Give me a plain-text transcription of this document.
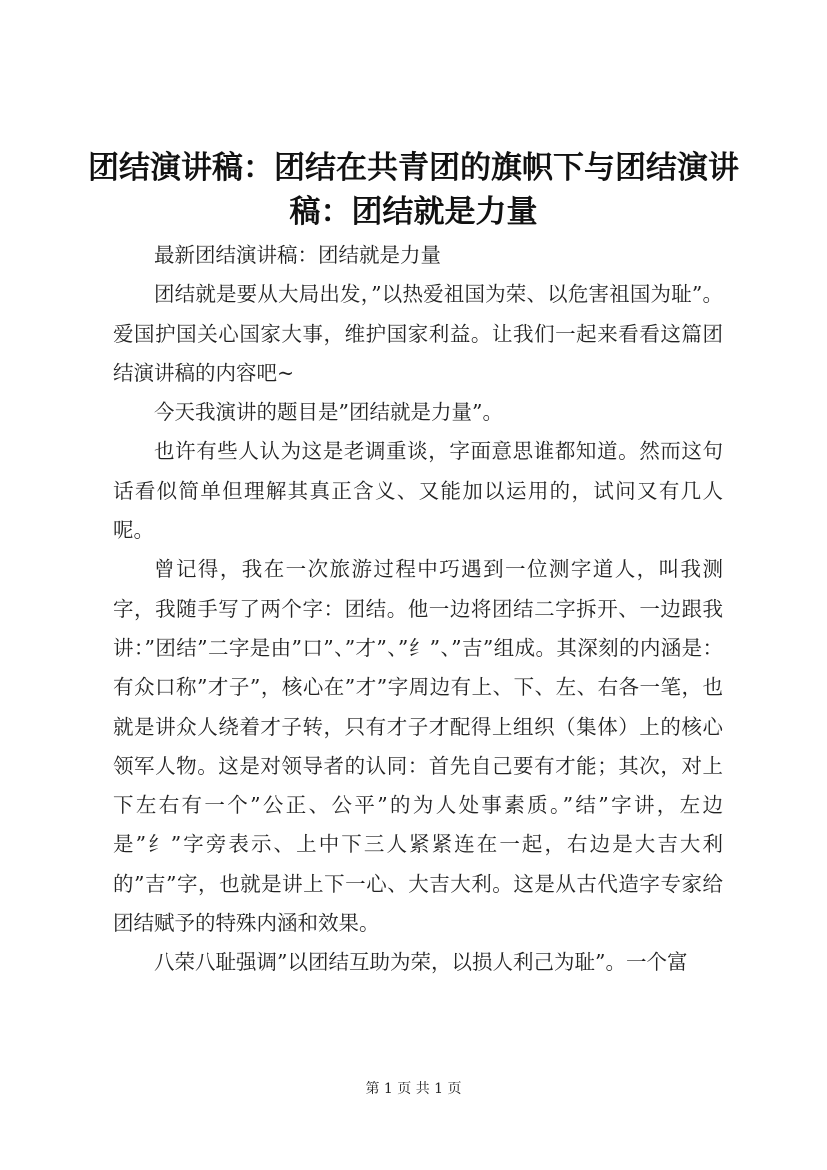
团结演讲稿：团结在共青团的旗帜下与团结演讲稿：团结就是力量

最新团结演讲稿：团结就是力量

团结就是要从大局出发，”以热爱祖国为荣、以危害祖国为耻”。爱国护国关心国家大事，维护国家利益。让我们一起来看看这篇团结演讲稿的内容吧~

今天我演讲的题目是”团结就是力量”。

也许有些人认为这是老调重谈，字面意思谁都知道。然而这句话看似简单但理解其真正含义、又能加以运用的，试问又有几人呢。

曾记得，我在一次旅游过程中巧遇到一位测字道人，叫我测字，我随手写了两个字：团结。他一边将团结二字拆开、一边跟我讲：”团结”二字是由”口”、”才”、”纟”、”吉”组成。其深刻的内涵是：有众口称”才子”，核心在”才”字周边有上、下、左、右各一笔，也就是讲众人绕着才子转，只有才子才配得上组织（集体）上的核心领军人物。这是对领导者的认同：首先自己要有才能；其次，对上下左右有一个”公正、公平”的为人处事素质。”结”字讲，左边是”纟”字旁表示、上中下三人紧紧连在一起，右边是大吉大利的”吉”字，也就是讲上下一心、大吉大利。这是从古代造字专家给团结赋予的特殊内涵和效果。

八荣八耻强调”以团结互助为荣，以损人利己为耻”。一个富

第 1 页 共 1 页
